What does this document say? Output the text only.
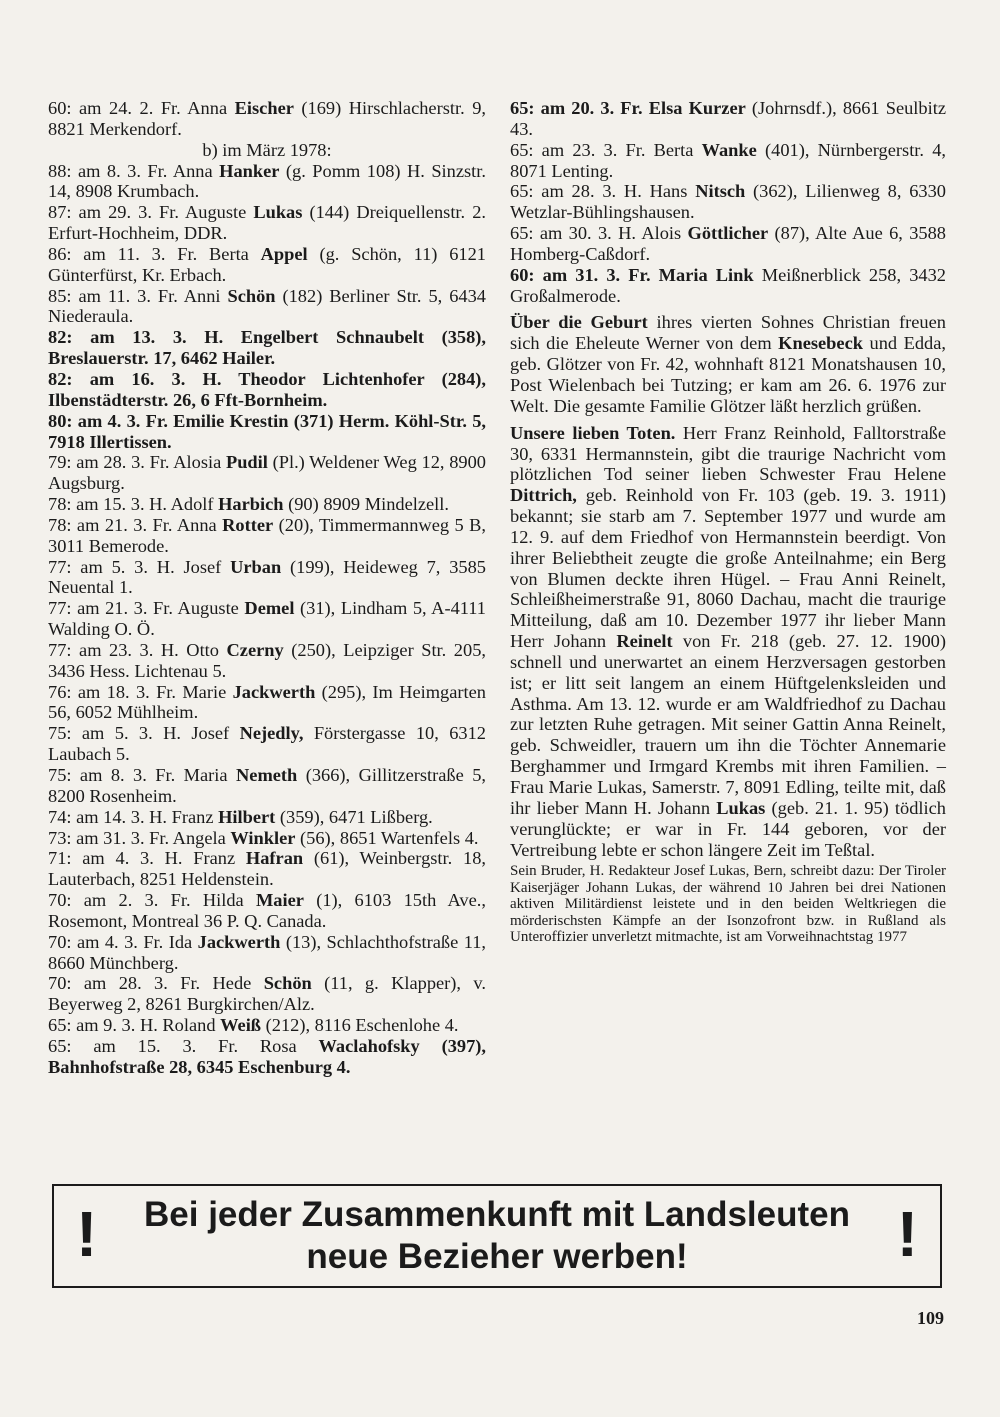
60: am 24. 2. Fr. Anna Eischer (169) Hirschlacherstr. 9, 8821 Merkendorf.

b) im März 1978:

88: am 8. 3. Fr. Anna Hanker (g. Pomm 108) H. Sinzstr. 14, 8908 Krumbach.

87: am 29. 3. Fr. Auguste Lukas (144) Dreiquellenstr. 2. Erfurt-Hochheim, DDR.

86: am 11. 3. Fr. Berta Appel (g. Schön, 11) 6121 Günterfürst, Kr. Erbach.

85: am 11. 3. Fr. Anni Schön (182) Berliner Str. 5, 6434 Niederaula.

82: am 13. 3. H. Engelbert Schnaubelt (358), Breslauerstr. 17, 6462 Hailer.

82: am 16. 3. H. Theodor Lichtenhofer (284), Ilbenstädterstr. 26, 6 Fft-Bornheim.

80: am 4. 3. Fr. Emilie Krestin (371) Herm. Köhl-Str. 5, 7918 Illertissen.

79: am 28. 3. Fr. Alosia Pudil (Pl.) Weldener Weg 12, 8900 Augsburg.

78: am 15. 3. H. Adolf Harbich (90) 8909 Mindelzell.

78: am 21. 3. Fr. Anna Rotter (20), Timmermannweg 5 B, 3011 Bemerode.

77: am 5. 3. H. Josef Urban (199), Heideweg 7, 3585 Neuental 1.

77: am 21. 3. Fr. Auguste Demel (31), Lindham 5, A-4111 Walding O. Ö.

77: am 23. 3. H. Otto Czerny (250), Leipziger Str. 205, 3436 Hess. Lichtenau 5.

76: am 18. 3. Fr. Marie Jackwerth (295), Im Heimgarten 56, 6052 Mühlheim.

75: am 5. 3. H. Josef Nejedly, Förstergasse 10, 6312 Laubach 5.

75: am 8. 3. Fr. Maria Nemeth (366), Gillitzerstraße 5, 8200 Rosenheim.

74: am 14. 3. H. Franz Hilbert (359), 6471 Lißberg.

73: am 31. 3. Fr. Angela Winkler (56), 8651 Wartenfels 4.

71: am 4. 3. H. Franz Hafran (61), Weinbergstr. 18, Lauterbach, 8251 Heldenstein.

70: am 2. 3. Fr. Hilda Maier (1), 6103 15th Ave., Rosemont, Montreal 36 P. Q. Canada.

70: am 4. 3. Fr. Ida Jackwerth (13), Schlachthofstraße 11, 8660 Münchberg.

70: am 28. 3. Fr. Hede Schön (11, g. Klapper), v. Beyerweg 2, 8261 Burgkirchen/Alz.

65: am 9. 3. H. Roland Weiß (212), 8116 Eschenlohe 4.

65: am 15. 3. Fr. Rosa Waclahofsky (397), Bahnhofstraße 28, 6345 Eschenburg 4.

65: am 20. 3. Fr. Elsa Kurzer (Johrnsdf.), 8661 Seulbitz 43.

65: am 23. 3. Fr. Berta Wanke (401), Nürnbergerstr. 4, 8071 Lenting.

65: am 28. 3. H. Hans Nitsch (362), Lilienweg 8, 6330 Wetzlar-Bühlingshausen.

65: am 30. 3. H. Alois Göttlicher (87), Alte Aue 6, 3588 Homberg-Caßdorf.

60: am 31. 3. Fr. Maria Link Meißnerblick 258, 3432 Großalmerode.

Über die Geburt ihres vierten Sohnes Christian freuen sich die Eheleute Werner von dem Knesebeck und Edda, geb. Glötzer von Fr. 42, wohnhaft 8121 Monatshausen 10, Post Wielenbach bei Tutzing; er kam am 26. 6. 1976 zur Welt. Die gesamte Familie Glötzer läßt herzlich grüßen.

Unsere lieben Toten. Herr Franz Reinhold, Falltorstraße 30, 6331 Hermannstein, gibt die traurige Nachricht vom plötzlichen Tod seiner lieben Schwester Frau Helene Dittrich, geb. Reinhold von Fr. 103 (geb. 19. 3. 1911) bekannt; sie starb am 7. September 1977 und wurde am 12. 9. auf dem Friedhof von Hermannstein beerdigt. Von ihrer Beliebtheit zeugte die große Anteilnahme; ein Berg von Blumen deckte ihren Hügel. – Frau Anni Reinelt, Schleißheimerstraße 91, 8060 Dachau, macht die traurige Mitteilung, daß am 10. Dezember 1977 ihr lieber Mann Herr Johann Reinelt von Fr. 218 (geb. 27. 12. 1900) schnell und unerwartet an einem Herzversagen gestorben ist; er litt seit langem an einem Hüftgelenksleiden und Asthma. Am 13. 12. wurde er am Waldfriedhof zu Dachau zur letzten Ruhe getragen. Mit seiner Gattin Anna Reinelt, geb. Schweidler, trauern um ihn die Töchter Annemarie Berghammer und Irmgard Krembs mit ihren Familien. – Frau Marie Lukas, Samerstr. 7, 8091 Edling, teilte mit, daß ihr lieber Mann H. Johann Lukas (geb. 21. 1. 95) tödlich verunglückte; er war in Fr. 144 geboren, vor der Vertreibung lebte er schon längere Zeit im Teßtal.

Sein Bruder, H. Redakteur Josef Lukas, Bern, schreibt dazu: Der Tiroler Kaiserjäger Johann Lukas, der während 10 Jahren bei drei Nationen aktiven Militärdienst leistete und in den beiden Weltkriegen die mörderischsten Kämpfe an der Isonzofront bzw. in Rußland als Unteroffizier unverletzt mitmachte, ist am Vorweihnachtstag 1977

!	Bei jeder Zusammenkunft mit Landsleuten
neue Bezieher werben!	!
109
